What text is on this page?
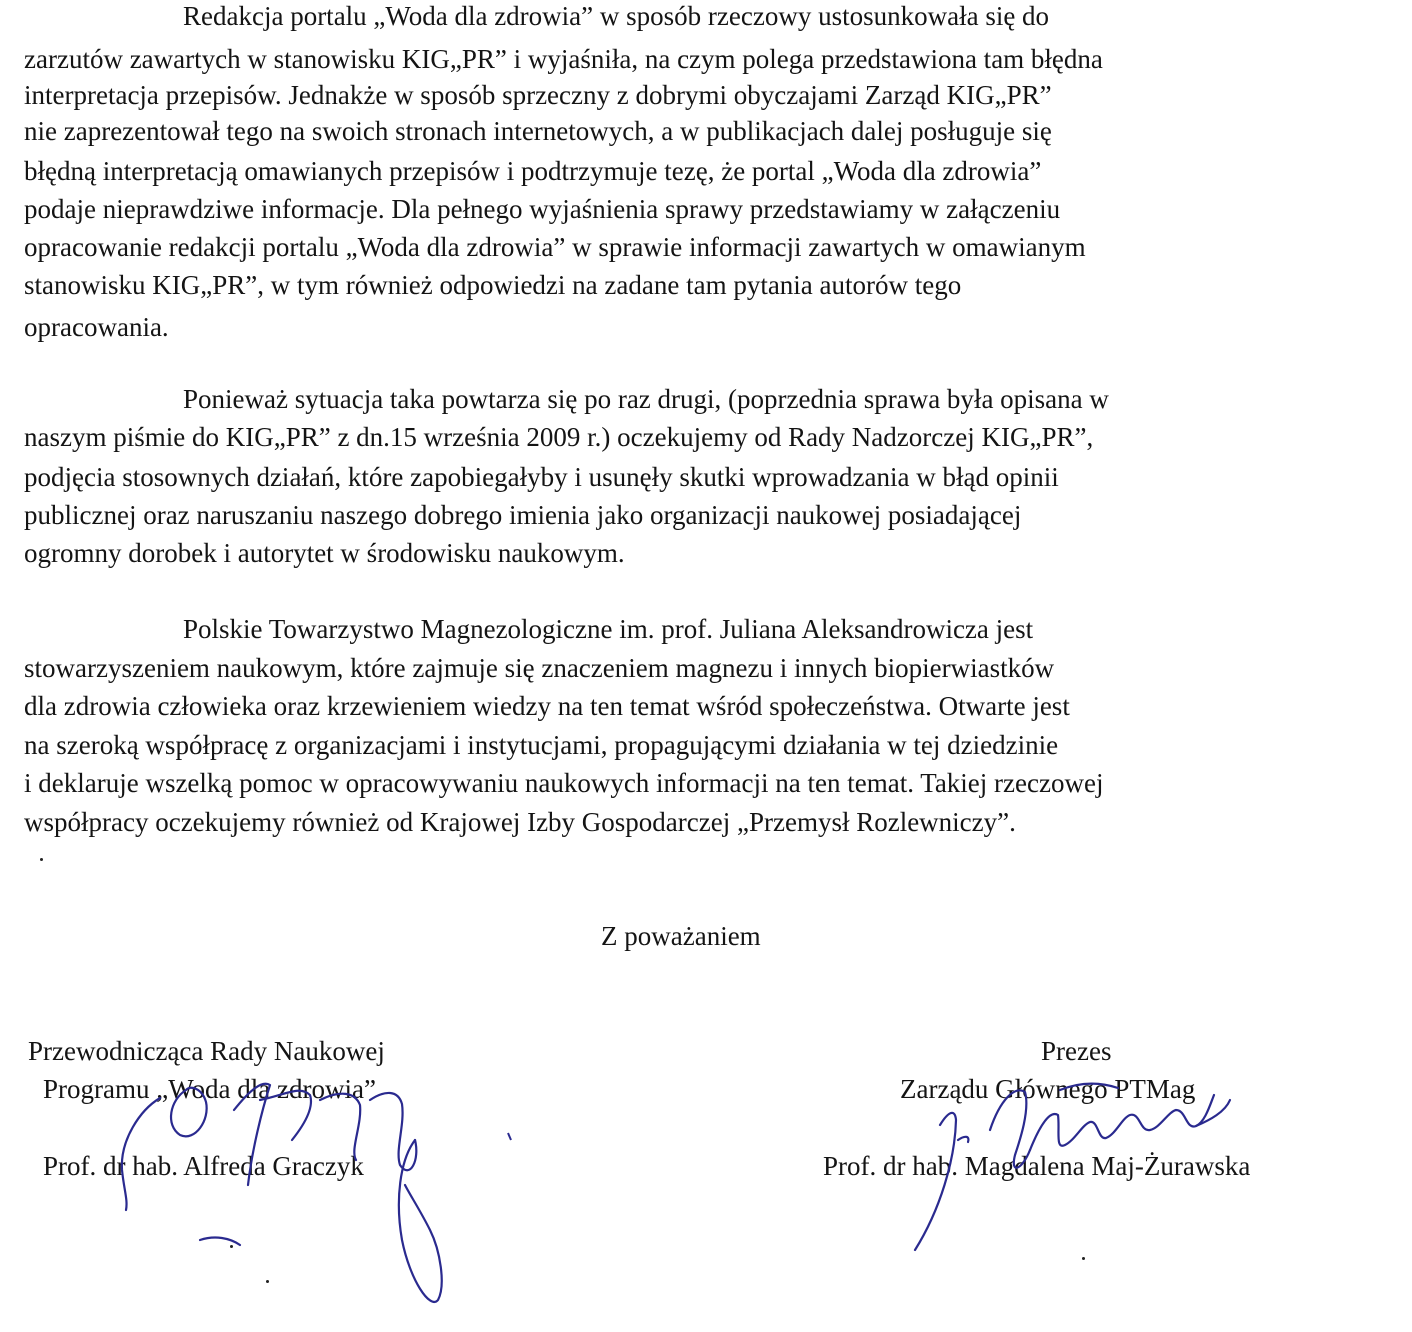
Redakcja portalu „Woda dla zdrowia” w sposób rzeczowy ustosunkowała się do
zarzutów zawartych w stanowisku KIG„PR” i wyjaśniła, na czym polega przedstawiona tam błędna
interpretacja przepisów. Jednakże w sposób sprzeczny z dobrymi obyczajami Zarząd KIG„PR”
nie zaprezentował tego na swoich stronach internetowych, a w publikacjach dalej posługuje się
błędną interpretacją omawianych przepisów i podtrzymuje tezę, że portal „Woda dla zdrowia”
podaje nieprawdziwe informacje. Dla pełnego wyjaśnienia sprawy przedstawiamy w załączeniu
opracowanie redakcji portalu „Woda dla zdrowia” w sprawie informacji zawartych w omawianym
stanowisku KIG„PR”, w tym również odpowiedzi na zadane tam pytania autorów tego
opracowania.
Ponieważ sytuacja taka powtarza się po raz drugi, (poprzednia sprawa była opisana w
naszym piśmie do KIG„PR” z dn.15 września 2009 r.) oczekujemy od Rady Nadzorczej KIG„PR”,
podjęcia stosownych działań, które zapobiegałyby i usunęły skutki wprowadzania w błąd opinii
publicznej oraz naruszaniu naszego dobrego imienia jako organizacji naukowej posiadającej
ogromny dorobek i autorytet w środowisku naukowym.
Polskie Towarzystwo Magnezologiczne im. prof. Juliana Aleksandrowicza jest
stowarzyszeniem naukowym, które zajmuje się znaczeniem magnezu i innych biopierwiastków
dla zdrowia człowieka oraz krzewieniem wiedzy na ten temat wśród społeczeństwa. Otwarte jest
na szeroką współpracę z organizacjami i instytucjami, propagującymi działania w tej dziedzinie
i deklaruje wszelką pomoc w opracowywaniu naukowych informacji na ten temat. Takiej rzeczowej
współpracy oczekujemy również od Krajowej Izby Gospodarczej „Przemysł Rozlewniczy”.
Z poważaniem
Przewodnicząca Rady Naukowej
Programu „Woda dla zdrowia”
Prof. dr hab. Alfreda Graczyk
Prezes
Zarządu Głównego PTMag
Prof. dr hab. Magdalena Maj-Żurawska
